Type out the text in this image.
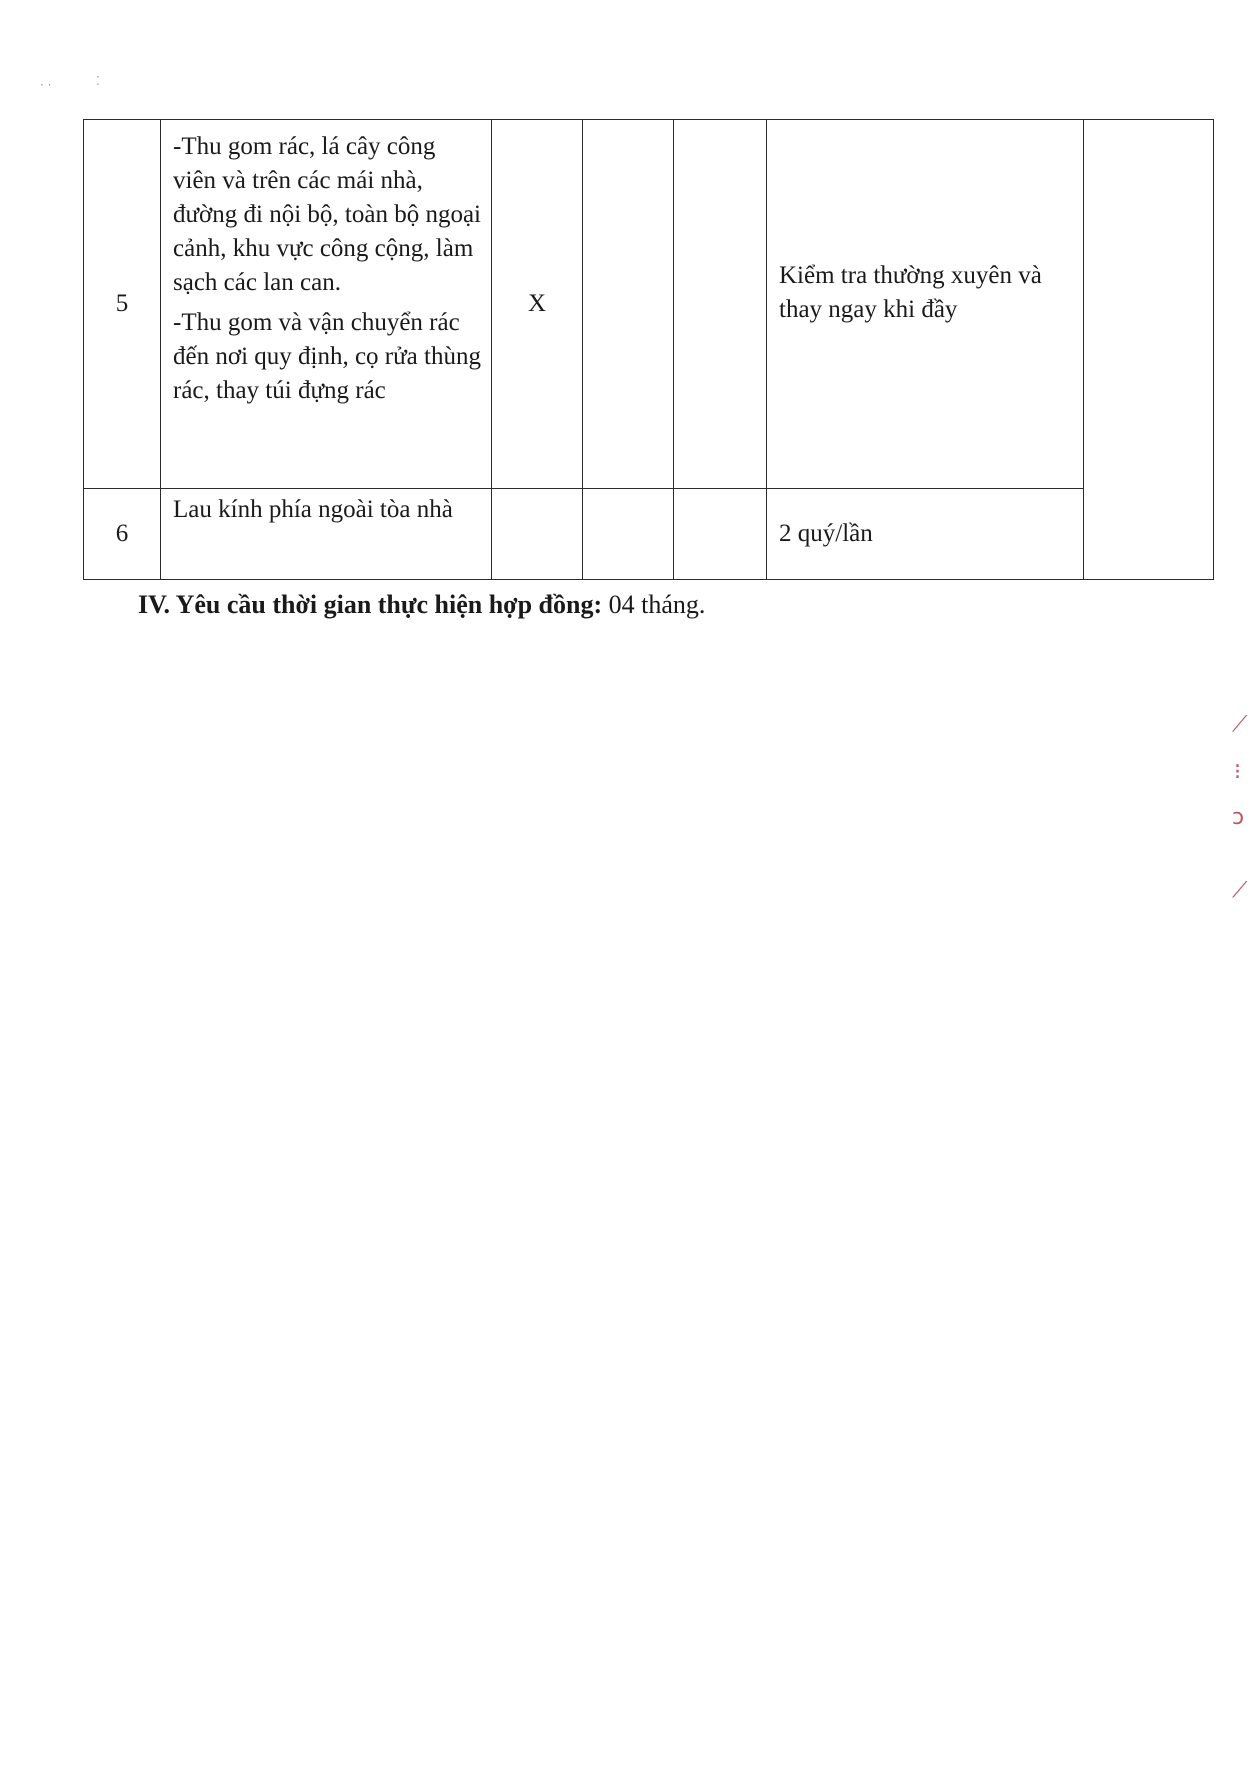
5	-Thu gom rác, lá cây công viên và trên các mái nhà, đường đi nội bộ, toàn bộ ngoại cảnh, khu vực công cộng, làm sạch các lan can.

-Thu gom và vận chuyển rác đến nơi quy định, cọ rửa thùng rác, thay túi đựng rác	X			Kiểm tra thường xuyên và thay ngay khi đầy	

6	Lau kính phía ngoài tòa nhà				2 quý/lần	
IV. Yêu cầu thời gian thực hiện hợp đồng: 04 tháng.
· ·	⁚
⟋
⁝
ↄ
⟋
